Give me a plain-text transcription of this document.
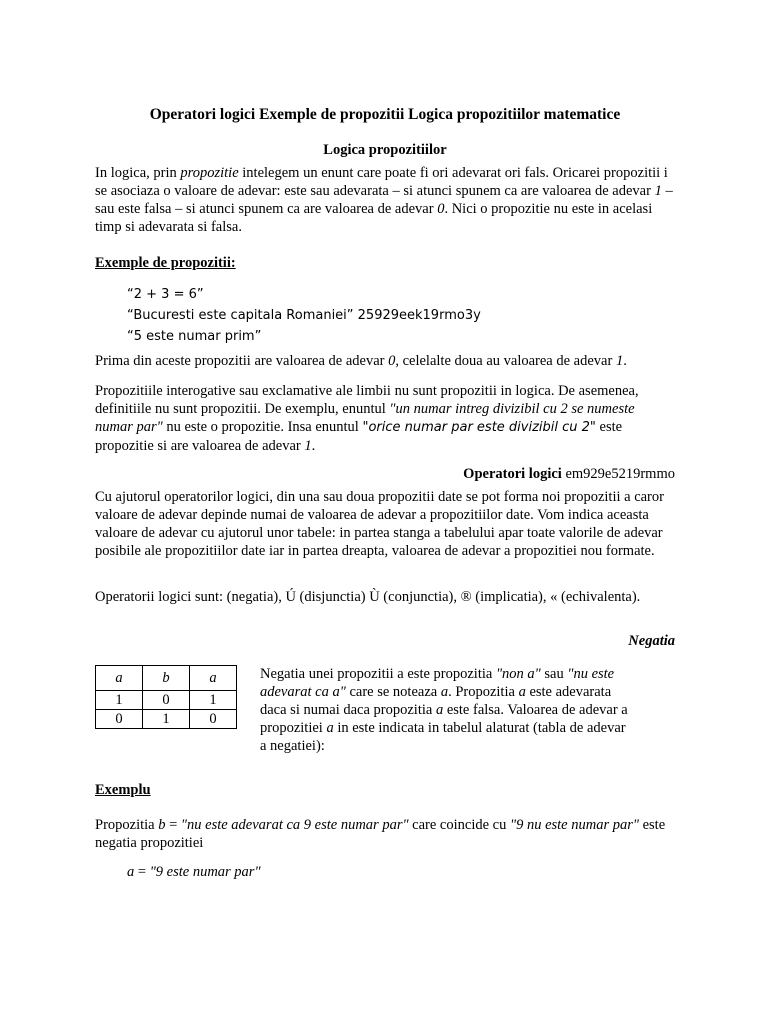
Operatori logici Exemple de propozitii Logica propozitiilor matematice
Logica propozitiilor

In logica, prin propozitie intelegem un enunt care poate fi ori adevarat ori fals. Oricarei propozitii i se asociaza o valoare de adevar: este sau adevarata – si atunci spunem ca are valoarea de adevar 1 – sau este falsa – si atunci spunem ca are valoarea de adevar 0. Nici o propozitie nu este in acelasi timp si adevarata si falsa.

Exemple de propozitii:
“2 + 3 = 6”
“Bucuresti este capitala Romaniei” 25929eek19rmo3y
“5 este numar prim”

Prima din aceste propozitii are valoarea de adevar 0, celelalte doua au valoarea de adevar 1.

Propozitiile interogative sau exclamative ale limbii nu sunt propozitii in logica. De asemenea, definitiile nu sunt propozitii. De exemplu, enuntul "un numar intreg divizibil cu 2 se numeste numar par" nu este o propozitie. Insa enuntul "orice numar par este divizibil cu 2" este propozitie si are valoarea de adevar 1.

Operatori logici em929e5219rmmo

Cu ajutorul operatorilor logici, din una sau doua propozitii date se pot forma noi propozitii a caror valoare de adevar depinde numai de valoarea de adevar a propozitiilor date. Vom indica aceasta valoare de adevar cu ajutorul unor tabele: in partea stanga a tabelului apar toate valorile de adevar posibile ale propozitiilor date iar in partea dreapta, valoarea de adevar a propozitiei nou formate.

Operatorii logici sunt: (negatia), Ú (disjunctia) Ù (conjunctia), ® (implicatia), « (echivalenta).

Negatia
a	b	a
1	0	1
0	1	0

Negatia unei propozitii a este propozitia "non a" sau "nu este adevarat ca a" care se noteaza a. Propozitia a este adevarata daca si numai daca propozitia a este falsa. Valoarea de adevar a propozitiei a in este indicata in tabelul alaturat (tabla de adevar a negatiei):

Exemplu

Propozitia b = "nu este adevarat ca 9 este numar par" care coincide cu "9 nu este numar par" este negatia propozitiei

a = "9 este numar par"
